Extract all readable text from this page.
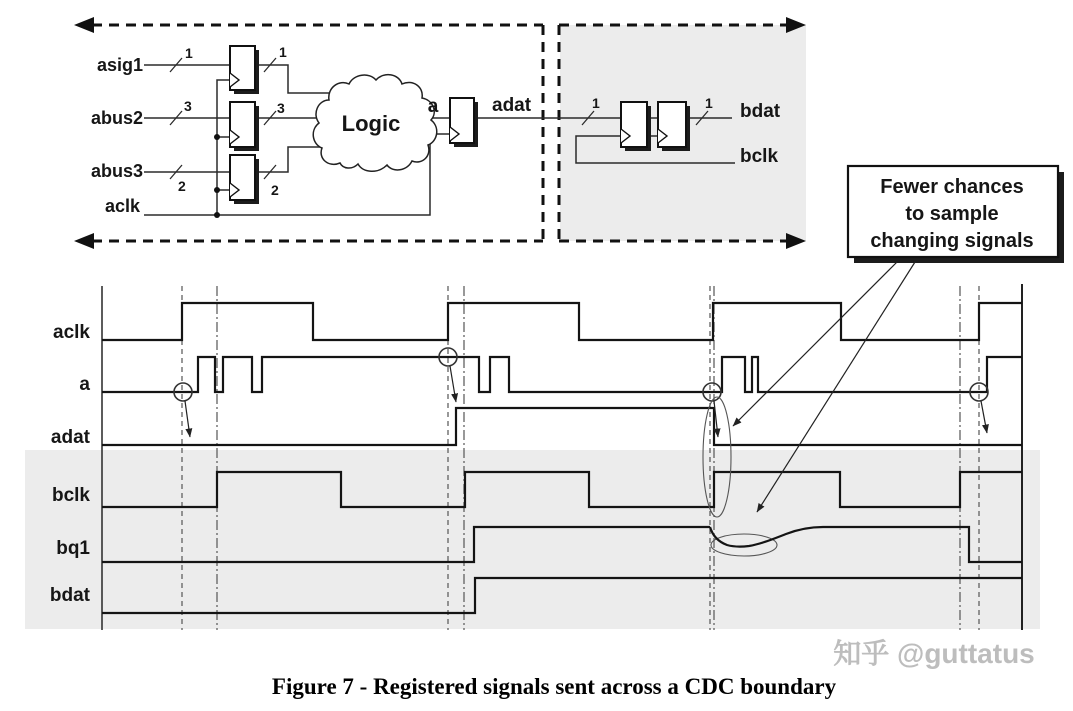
asig1
abus2
abus3
aclk
1	1
3	3
2	2
1	1
Logic
a	adat	bdat
bclk
Fewer chances
to sample
changing signals
aclk
a
adat
bclk
bq1
bdat
Figure 7 - Registered signals sent across a CDC boundary
知乎 @guttatus
